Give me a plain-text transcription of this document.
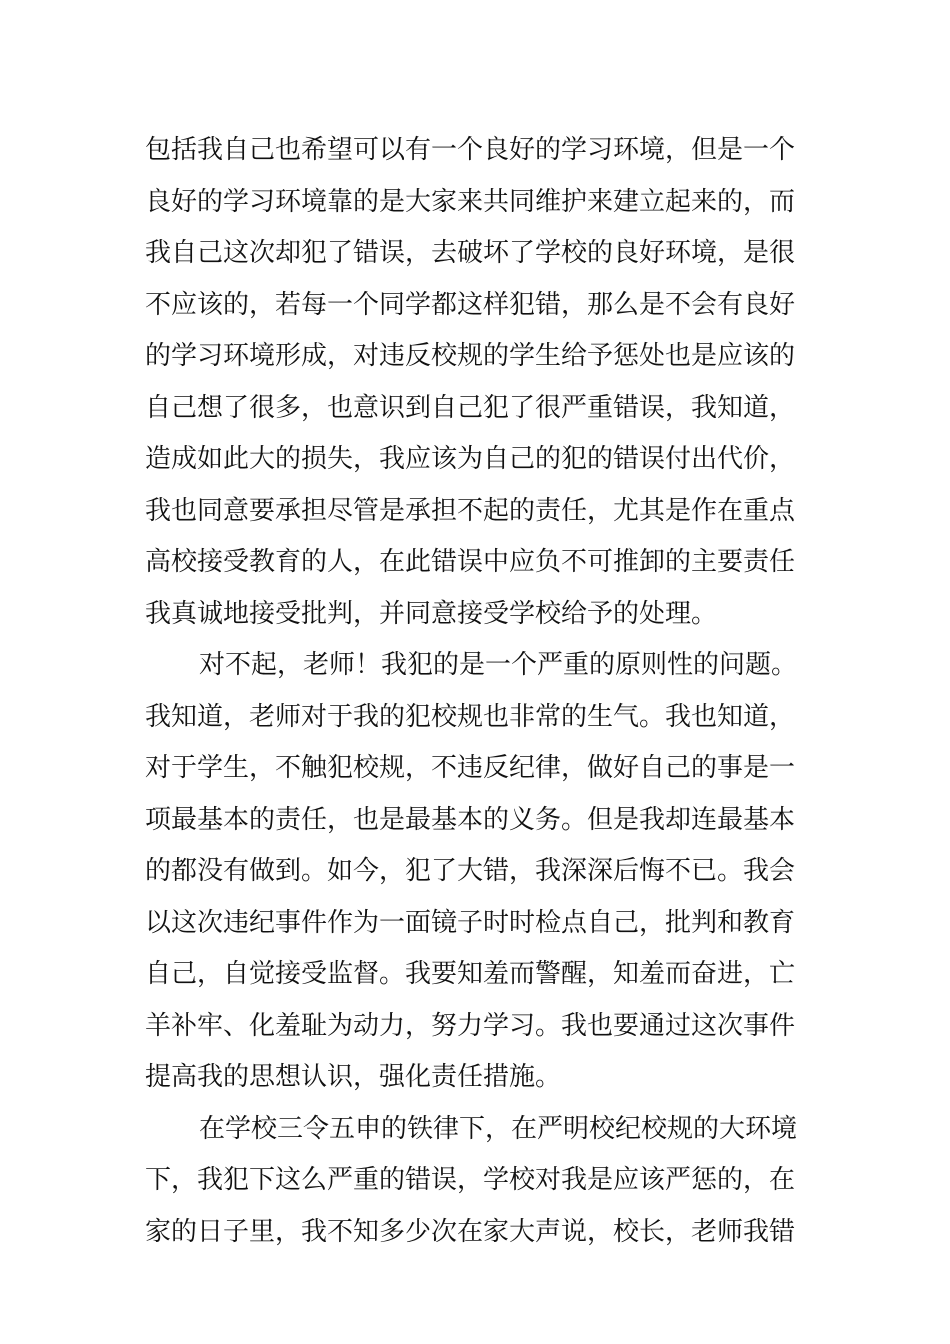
包括我自己也希望可以有一个良好的学习环境，但是一个
良好的学习环境靠的是大家来共同维护来建立起来的，而
我自己这次却犯了错误，去破坏了学校的良好环境，是很
不应该的，若每一个同学都这样犯错，那么是不会有良好
的学习环境形成，对违反校规的学生给予惩处也是应该的
自己想了很多，也意识到自己犯了很严重错误，我知道，
造成如此大的损失，我应该为自己的犯的错误付出代价，
我也同意要承担尽管是承担不起的责任，尤其是作在重点
高校接受教育的人，在此错误中应负不可推卸的主要责任
我真诚地接受批判，并同意接受学校给予的处理。
对不起，老师！我犯的是一个严重的原则性的问题。
我知道，老师对于我的犯校规也非常的生气。我也知道，
对于学生，不触犯校规，不违反纪律，做好自己的事是一
项最基本的责任，也是最基本的义务。但是我却连最基本
的都没有做到。如今，犯了大错，我深深后悔不已。我会
以这次违纪事件作为一面镜子时时检点自己，批判和教育
自己，自觉接受监督。我要知羞而警醒，知羞而奋进，亡
羊补牢、化羞耻为动力，努力学习。我也要通过这次事件
提高我的思想认识，强化责任措施。
在学校三令五申的铁律下，在严明校纪校规的大环境
下，我犯下这么严重的错误，学校对我是应该严惩的，在
家的日子里，我不知多少次在家大声说，校长，老师我错
